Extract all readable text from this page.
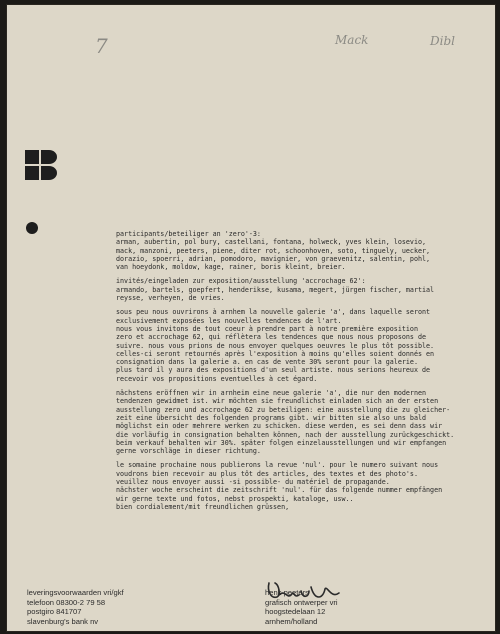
7	Mack	Dibl
participants/beteiliger an 'zero'-3:
arman, aubertin, pol bury, castellani, fontana, holweck, yves klein, losevio,
mack, manzoni, peeters, piene, diter rot, schoonhoven, soto, tinguely, uecker,
dorazio, spoerri, adrian, pomodoro, mavignier, von graevenitz, salentin, pohl,
van hoeydonk, moldow, kage, rainer, boris kleint, breier.
invités/eingeladen zur exposition/ausstellung 'accrochage 62':
armando, bartels, goepfert, henderikse, kusama, megert, jürgen fischer, martial
reysse, verheyen, de vries.
sous peu nous ouvrirons à arnhem la nouvelle galerie 'a', dans laquelle seront
exclusivement exposées les nouvelles tendences de l'art.
nous vous invitons de tout coeur à prendre part à notre première exposition
zero et accrochage 62, qui réflètera les tendences que nous nous proposons de
suivre. nous vous prions de nous envoyer quelques oeuvres le plus tôt possible.
celles-ci seront retournés après l'exposition à moins qu'elles soient donnés en
consignation dans la galerie a. en cas de vente 30% seront pour la galerie.
plus tard il y aura des expositions d'un seul artiste. nous serions heureux de
recevoir vos propositions eventuelles à cet égard.
nächstens eröffnen wir in arnheim eine neue galerie 'a', die nur den modernen
tendenzen gewidmet ist. wir möchten sie freundlichst einladen sich an der ersten
ausstellung zero und accrochage 62 zu beteiligen: eine ausstellung die zu gleicher-
zeit eine übersicht des folgenden programs gibt. wir bitten sie also uns bald
möglichst ein oder mehrere werken zu schicken. diese werden, es sei denn dass wir
die vorläufig in consignation behalten können, nach der ausstellung zurückgeschickt.
beim verkauf behalten wir 30%. später folgen einzelausstellungen und wir empfangen
gerne vorschläge in dieser richtung.
le somaine prochaine nous publierons la revue 'nul'. pour le numero suivant nous
voudrons bien recevoir au plus tôt des articles, des textes et des photo's.
veuillez nous envoyer aussi -si possible- du matériel de propagande.
nächster woche erscheint die zeitschrift 'nul'. für das folgende nummer empfängen
wir gerne texte und fotos, nebst prospekti, kataloge, usw..
bien cordialement/mit freundlichen grüssen,
leveringsvoorwaarden vri/gkf
telefoon 08300-2 79 58
postgiro 841707
slavenburg's bank nv
henk peeters
grafisch ontwerper vri
hoogstedelaan 12
arnhem/holland
